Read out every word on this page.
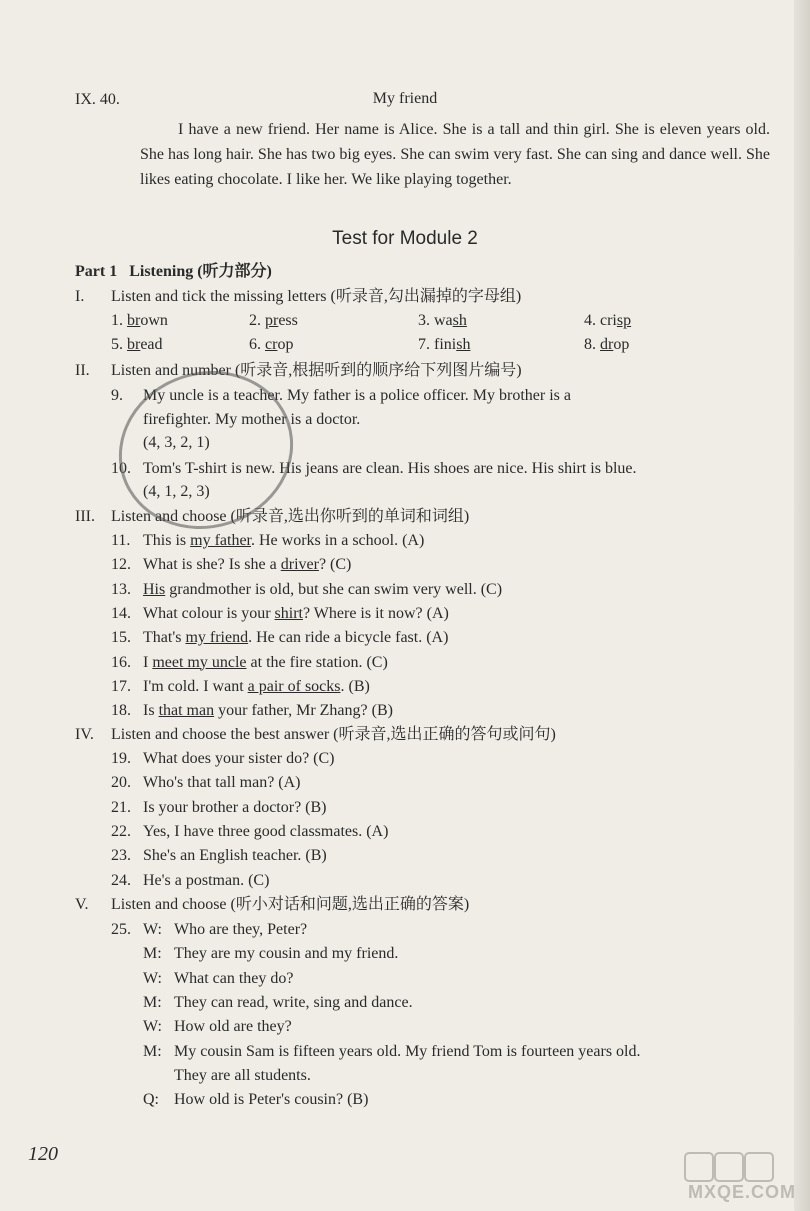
IX. 40.	My friend

I have a new friend. Her name is Alice. She is a tall and thin girl. She is eleven years old. She has long hair. She has two big eyes. She can swim very fast. She can sing and dance well. She likes eating chocolate. I like her. We like playing together.

Test for Module 2
Part 1 Listening (听力部分)
I. Listen and tick the missing letters (听录音,勾出漏掉的字母组)
1. brown	2. press	3. wash	4. crisp
5. bread	6. crop	7. finish	8. drop
II. Listen and number (听录音,根据听到的顺序给下列图片编号)
9. My uncle is a teacher. My father is a police officer. My brother is a
firefighter. My mother is a doctor.
(4, 3, 2, 1)
10. Tom's T-shirt is new. His jeans are clean. His shoes are nice. His shirt is blue.
(4, 1, 2, 3)
III. Listen and choose (听录音,选出你听到的单词和词组)
11. This is my father. He works in a school. (A)
12. What is she? Is she a driver? (C)
13. His grandmother is old, but she can swim very well. (C)
14. What colour is your shirt? Where is it now? (A)
15. That's my friend. He can ride a bicycle fast. (A)
16. I meet my uncle at the fire station. (C)
17. I'm cold. I want a pair of socks. (B)
18. Is that man your father, Mr Zhang? (B)
IV. Listen and choose the best answer (听录音,选出正确的答句或问句)
19. What does your sister do? (C)
20. Who's that tall man? (A)
21. Is your brother a doctor? (B)
22. Yes, I have three good classmates. (A)
23. She's an English teacher. (B)
24. He's a postman. (C)
V. Listen and choose (听小对话和问题,选出正确的答案)
25. W: Who are they, Peter?
M: They are my cousin and my friend.
W: What can they do?
M: They can read, write, sing and dance.
W: How old are they?
M: My cousin Sam is fifteen years old. My friend Tom is fourteen years old.
They are all students.
Q: How old is Peter's cousin? (B)
120
MXQE.COM
